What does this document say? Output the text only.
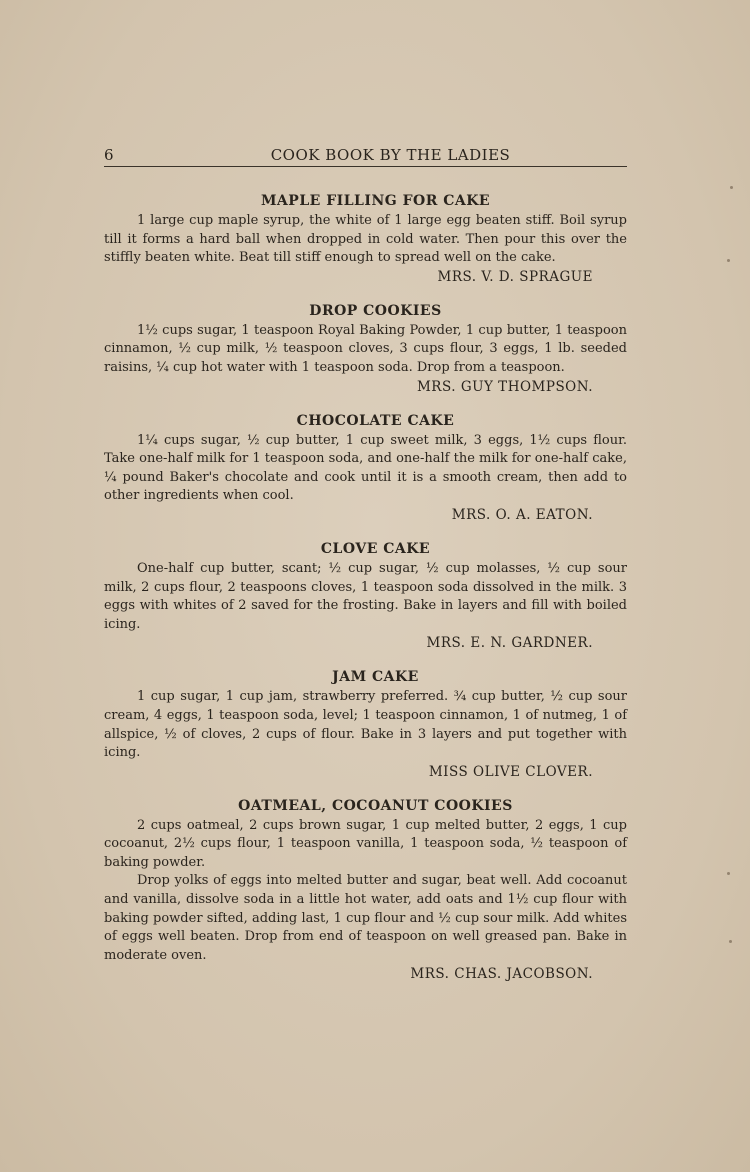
6	COOK BOOK BY THE LADIES
MAPLE FILLING FOR CAKE

1 large cup maple syrup, the white of 1 large egg beaten stiff. Boil syrup till it forms a hard ball when dropped in cold water. Then pour this over the stiffly beaten white. Beat till stiff enough to spread well on the cake.

MRS. V. D. SPRAGUE
DROP COOKIES

1½ cups sugar, 1 teaspoon Royal Baking Powder, 1 cup butter, 1 teaspoon cinnamon, ½ cup milk, ½ teaspoon cloves, 3 cups flour, 3 eggs, 1 lb. seeded raisins, ¼ cup hot water with 1 teaspoon soda. Drop from a teaspoon.

MRS. GUY THOMPSON.
CHOCOLATE CAKE

1¼ cups sugar, ½ cup butter, 1 cup sweet milk, 3 eggs, 1½ cups flour. Take one-half milk for 1 teaspoon soda, and one-half the milk for one-half cake, ¼ pound Baker's chocolate and cook until it is a smooth cream, then add to other ingredients when cool.

MRS. O. A. EATON.
CLOVE CAKE

One-half cup butter, scant; ½ cup sugar, ½ cup molasses, ½ cup sour milk, 2 cups flour, 2 teaspoons cloves, 1 teaspoon soda dissolved in the milk. 3 eggs with whites of 2 saved for the frosting. Bake in layers and fill with boiled icing.

MRS. E. N. GARDNER.
JAM CAKE

1 cup sugar, 1 cup jam, strawberry preferred. ¾ cup butter, ½ cup sour cream, 4 eggs, 1 teaspoon soda, level; 1 teaspoon cinnamon, 1 of nutmeg, 1 of allspice, ½ of cloves, 2 cups of flour. Bake in 3 layers and put together with icing.

MISS OLIVE CLOVER.
OATMEAL, COCOANUT COOKIES

2 cups oatmeal, 2 cups brown sugar, 1 cup melted butter, 2 eggs, 1 cup cocoanut, 2½ cups flour, 1 teaspoon vanilla, 1 teaspoon soda, ½ teaspoon of baking powder.

Drop yolks of eggs into melted butter and sugar, beat well. Add cocoanut and vanilla, dissolve soda in a little hot water, add oats and 1½ cup flour with baking powder sifted, adding last, 1 cup flour and ½ cup sour milk. Add whites of eggs well beaten. Drop from end of teaspoon on well greased pan. Bake in moderate oven.

MRS. CHAS. JACOBSON.
